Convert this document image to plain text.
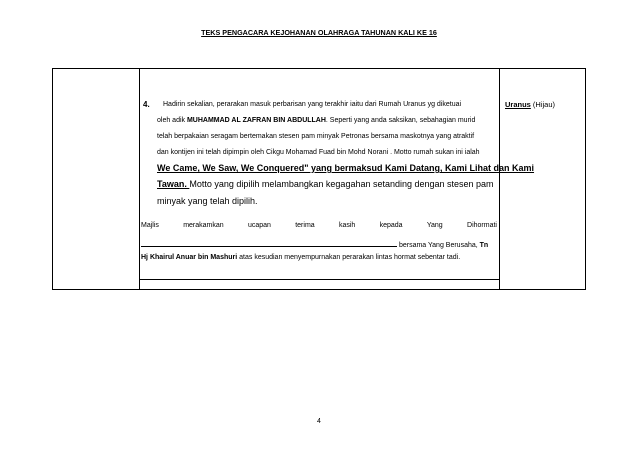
TEKS PENGACARA KEJOHANAN OLAHRAGA TAHUNAN KALI KE 16
4. Hadirin sekalian, perarakan masuk perbarisan yang terakhir iaitu dari Rumah Uranus yg diketuai
oleh adik MUHAMMAD AL ZAFRAN BIN ABDULLAH. Seperti yang anda saksikan, sebahagian murid
telah berpakaian seragam bertemakan stesen pam minyak Petronas bersama maskotnya yang atraktif
dan kontijen ini telah dipimpin oleh Cikgu Mohamad Fuad bin Mohd Norani . Motto rumah sukan ini ialah
We Came, We Saw, We Conquered" yang bermaksud Kami Datang, Kami Lihat dan Kami
Tawan. Motto yang dipilih melambangkan kegagahan setanding dengan stesen pam
minyak yang telah dipilih.
Majlis	merakamkan	ucapan	terima	kasih	kepada	Yang	Dihormati
bersama Yang Berusaha, Tn
Hj Khairul Anuar bin Mashuri atas kesudian menyempurnakan perarakan lintas hormat sebentar tadi.
Uranus (Hijau)
4
